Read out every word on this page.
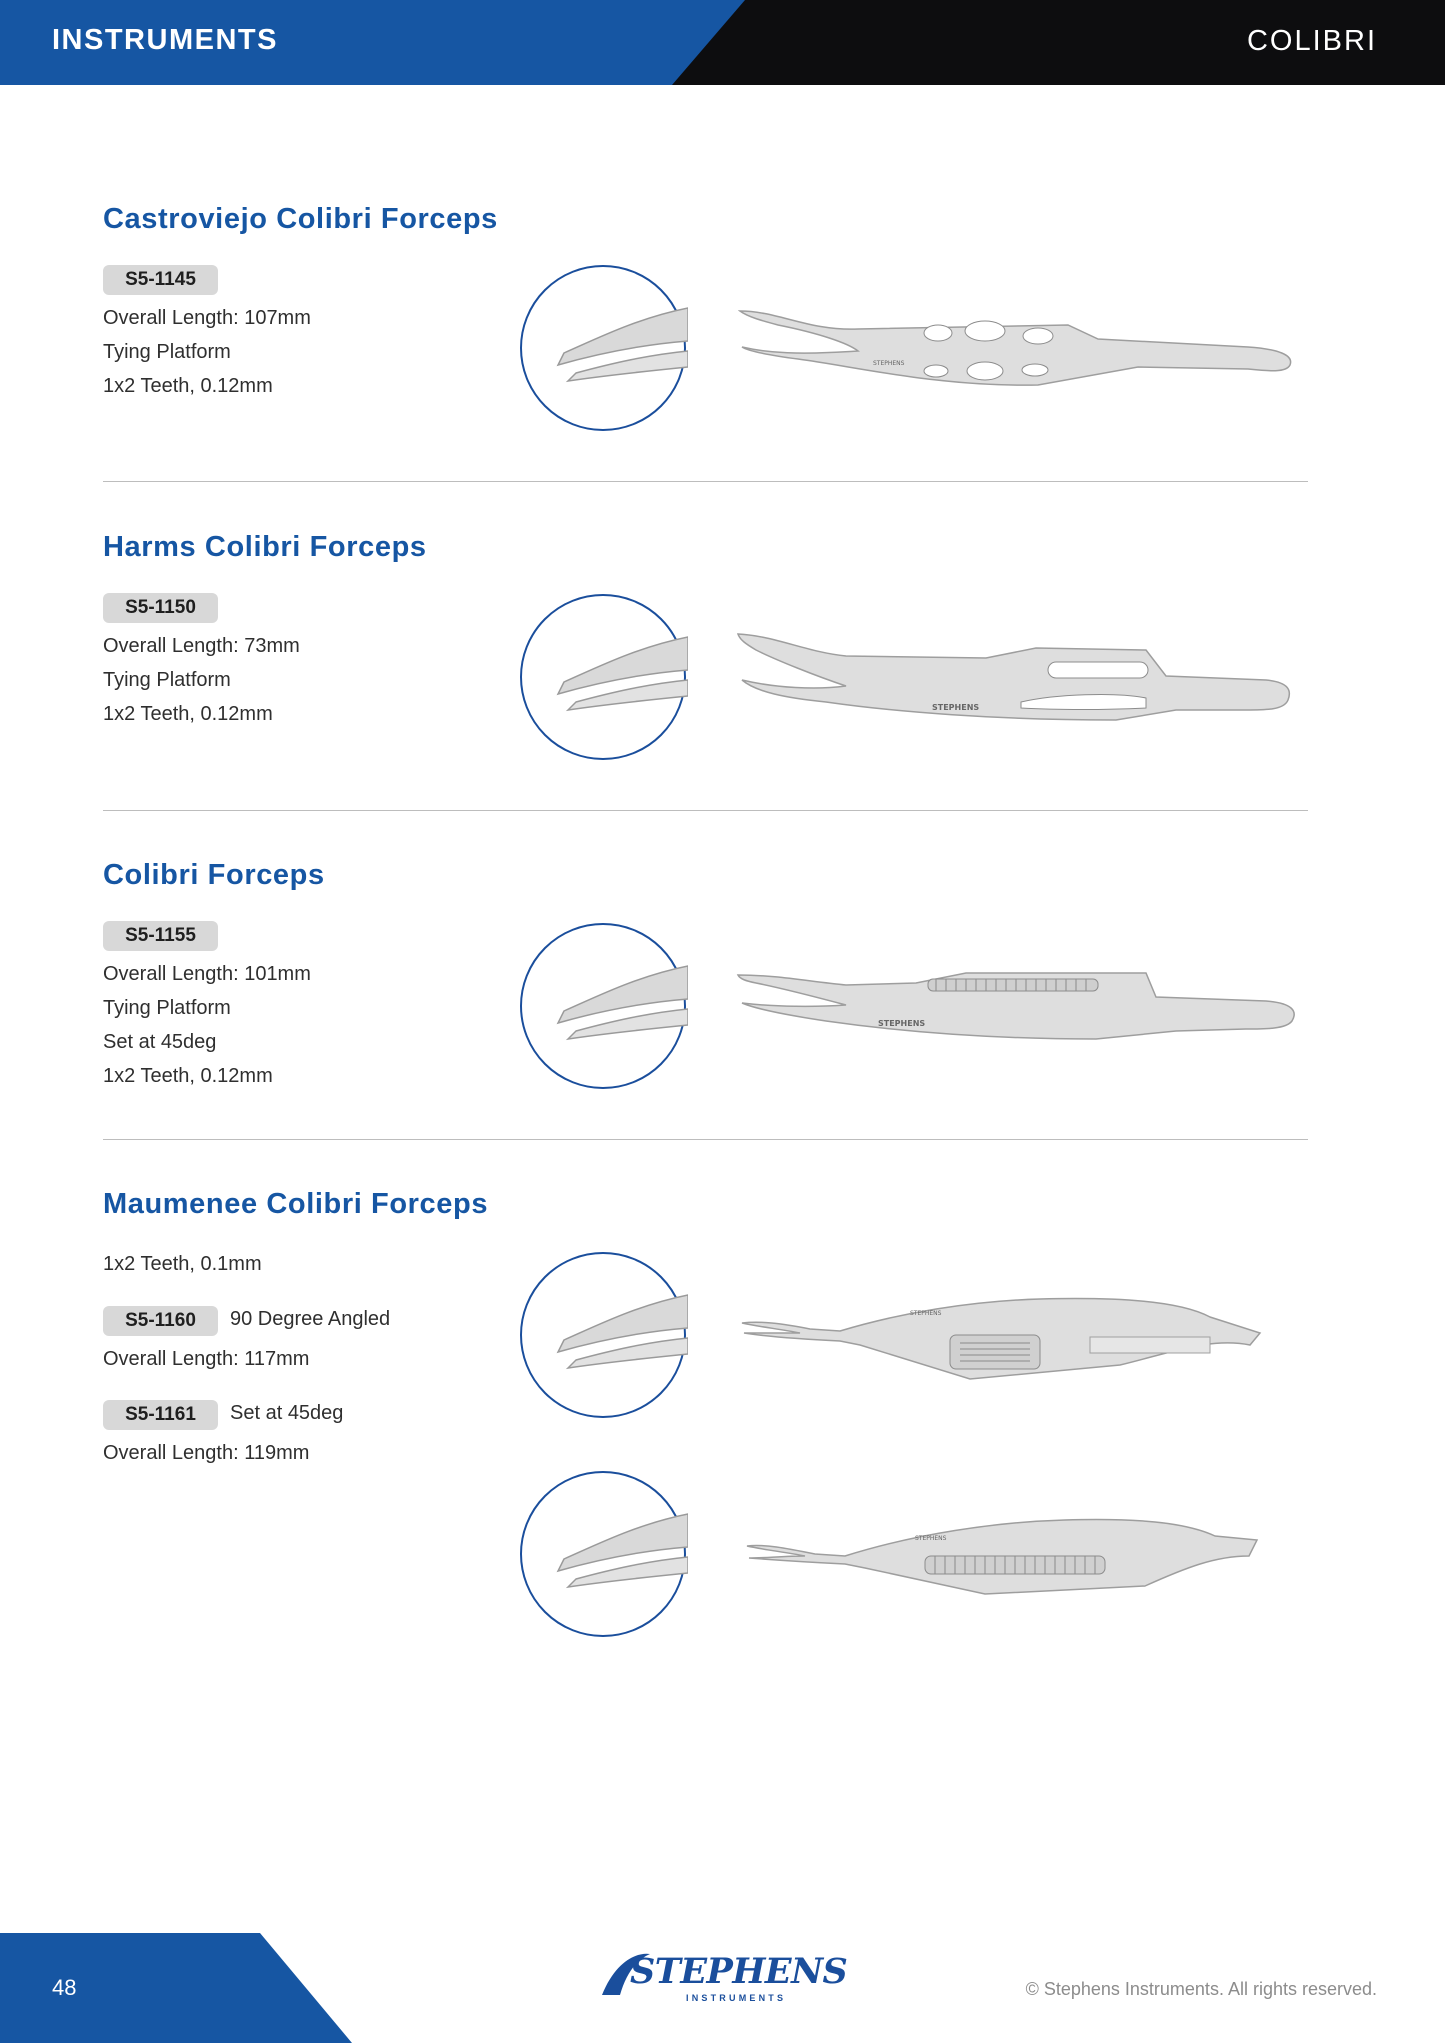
INSTRUMENTS	COLIBRI
Castroviejo Colibri Forceps
S5-1145
Overall Length: 107mm
Tying Platform
1x2 Teeth, 0.12mm
STEPHENS
Harms Colibri Forceps
S5-1150
Overall Length: 73mm
Tying Platform
1x2 Teeth, 0.12mm	STEPHENS
Colibri Forceps
S5-1155
Overall Length: 101mm
Tying Platform
Set at 45deg
1x2 Teeth, 0.12mm
STEPHENS
Maumenee Colibri Forceps
1x2 Teeth, 0.1mm
S5-1160	90 Degree Angled
Overall Length: 117mm
S5-1161	Set at 45deg
Overall Length: 119mm
STEPHENS
STEPHENS
48	STEPHENS
INSTRUMENTS	© Stephens Instruments. All rights reserved.
